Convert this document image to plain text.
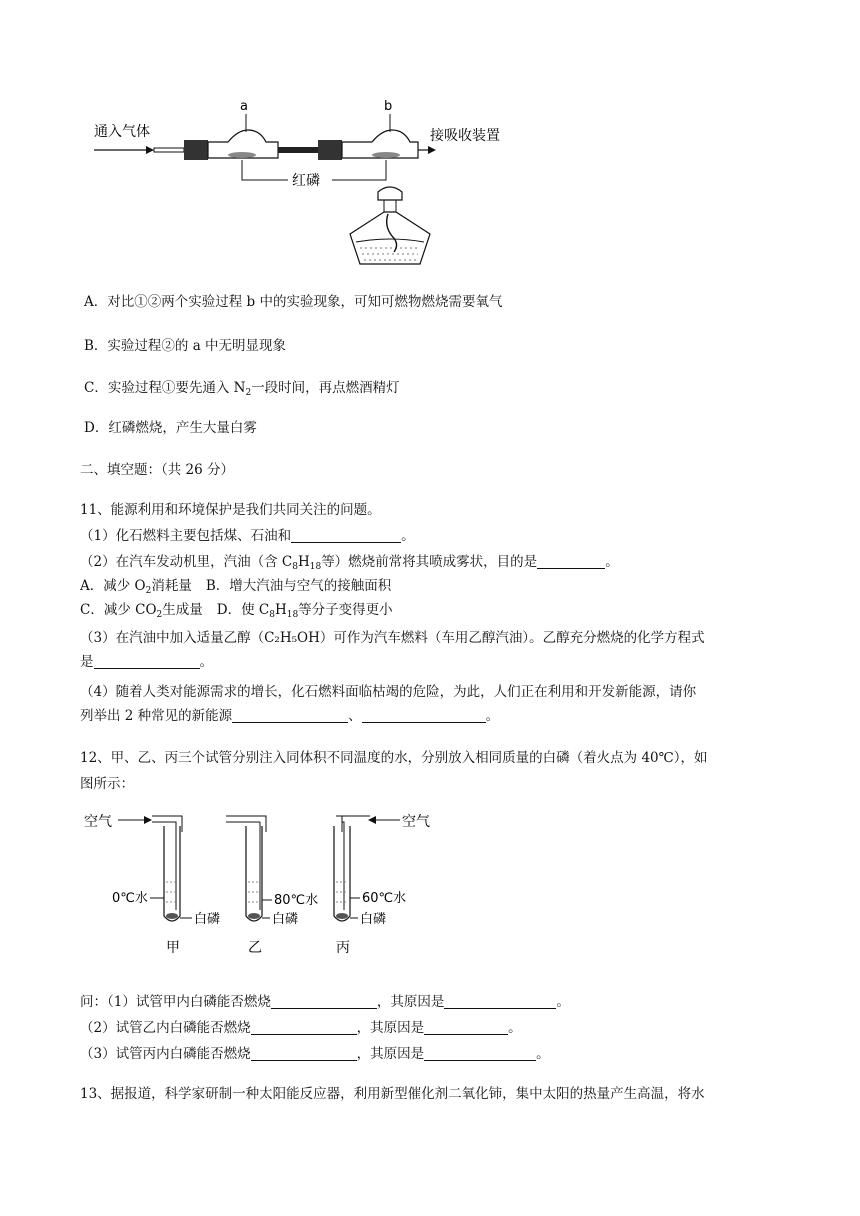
通入气体
a	b
接吸收装置
红磷
A．对比①②两个实验过程 b 中的实验现象，可知可燃物燃烧需要氧气
B．实验过程②的 a 中无明显现象
C．实验过程①要先通入 $N_2$一段时间，再点燃酒精灯
D．红磷燃烧，产生大量白雾
二、填空题：（共 26 分）
11、能源利用和环境保护是我们共同关注的问题。
（1）化石燃料主要包括煤、石油和	。
（2）在汽车发动机里，汽油（含 $C_8H_{18}$等）燃烧前常将其喷成雾状，目的是	。
A．减少 $O_2$消耗量 B．增大汽油与空气的接触面积
C．减少 $CO_2$生成量 D．使 $C_8H_{18}$等分子变得更小
（3）在汽油中加入适量乙醇（C₂H₅OH）可作为汽车燃料（车用乙醇汽油）。乙醇充分燃烧的化学方程式
是	。
（4）随着人类对能源需求的增长，化石燃料面临枯竭的危险，为此，人们正在利用和开发新能源，请你
列举出 2 种常见的新能源	、	。
12、甲、乙、丙三个试管分别注入同体积不同温度的水，分别放入相同质量的白磷（着火点为 40℃），如
图所示：
空气
0℃水
白磷
甲
80℃水
白磷
乙
空气
60℃水
白磷
丙
问：（1）试管甲内白磷能否燃烧	，其原因是	。
（2）试管乙内白磷能否燃烧	，其原因是	。
（3）试管丙内白磷能否燃烧	，其原因是	。
13、据报道，科学家研制一种太阳能反应器，利用新型催化剂二氧化铈，集中太阳的热量产生高温，将水
